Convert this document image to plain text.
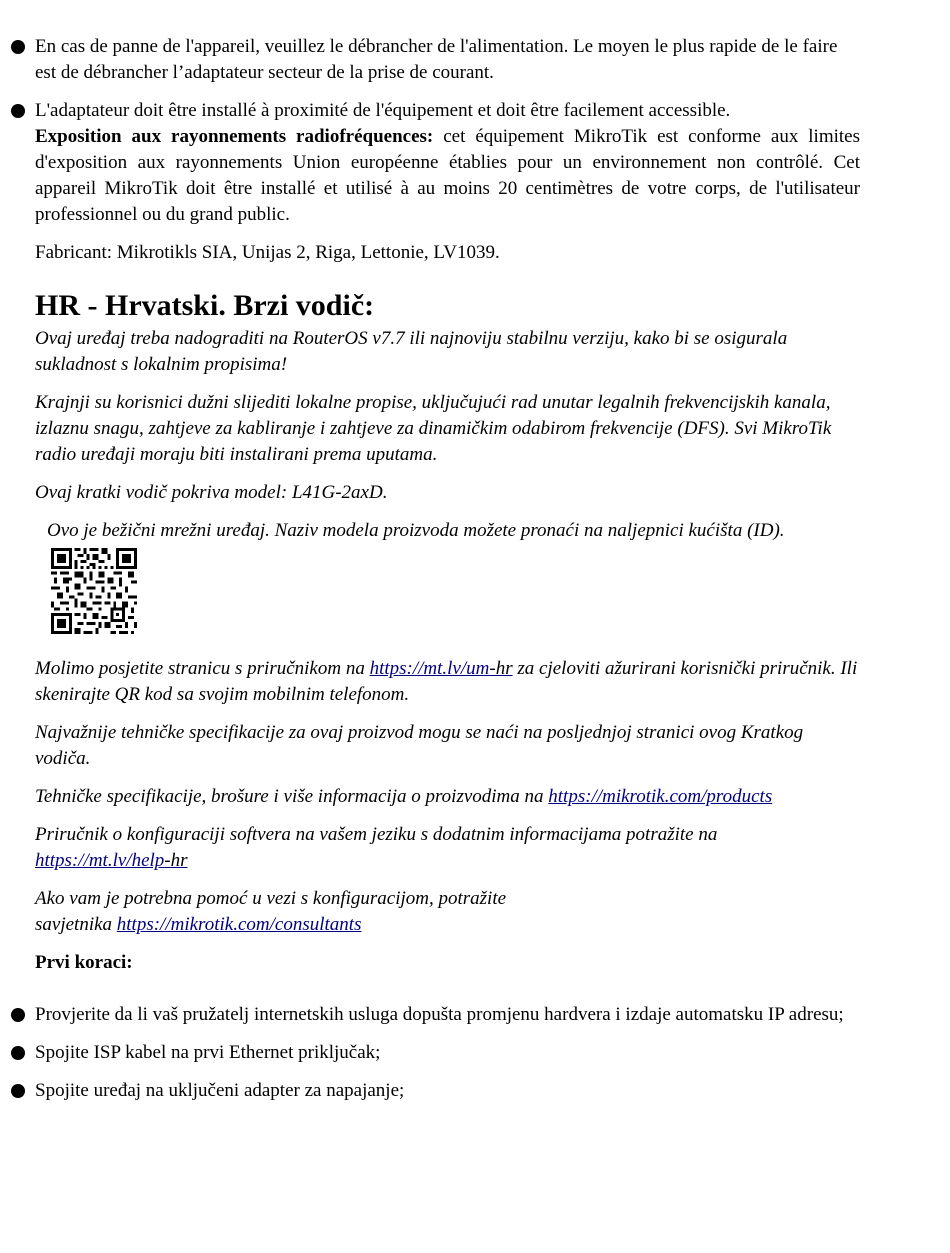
En cas de panne de l'appareil, veuillez le débrancher de l'alimentation. Le moyen le plus rapide de le faire est de débrancher l’adaptateur secteur de la prise de courant.
L'adaptateur doit être installé à proximité de l'équipement et doit être facilement accessible.

Exposition aux rayonnements radiofréquences: cet équipement MikroTik est conforme aux limites d'exposition aux rayonnements Union européenne établies pour un environnement non contrôlé. Cet appareil MikroTik doit être installé et utilisé à au moins 20 centimètres de votre corps, de l'utilisateur professionnel ou du grand public.

Fabricant: Mikrotikls SIA, Unijas 2, Riga, Lettonie, LV1039.

HR - Hrvatski. Brzi vodič:

Ovaj uređaj treba nadograditi na RouterOS v7.7 ili najnoviju stabilnu verziju, kako bi se osigurala sukladnost s lokalnim propisima!

Krajnji su korisnici dužni slijediti lokalne propise, uključujući rad unutar legalnih frekvencijskih kanala, izlaznu snagu, zahtjeve za kabliranje i zahtjeve za dinamičkim odabirom frekvencije (DFS). Svi MikroTik radio uređaji moraju biti instalirani prema uputama.

Ovaj kratki vodič pokriva model: L41G-2axD.

Ovo je bežični mrežni uređaj. Naziv modela proizvoda možete pronaći na naljepnici kućišta (ID).

Molimo posjetite stranicu s priručnikom na https://mt.lv/um-hr za cjeloviti ažurirani korisnički priručnik. Ili skenirajte QR kod sa svojim mobilnim telefonom.

Najvažnije tehničke specifikacije za ovaj proizvod mogu se naći na posljednjoj stranici ovog Kratkog vodiča.

Tehničke specifikacije, brošure i više informacija o proizvodima na https://mikrotik.com/products

Priručnik o konfiguraciji softvera na vašem jeziku s dodatnim informacijama potražite na https://mt.lv/help-hr

Ako vam je potrebna pomoć u vezi s konfiguracijom, potražite savjetnika https://mikrotik.com/consultants

Prvi koraci:

Provjerite da li vaš pružatelj internetskih usluga dopušta promjenu hardvera i izdaje automatsku IP adresu;
Spojite ISP kabel na prvi Ethernet priključak;
Spojite uređaj na uključeni adapter za napajanje;
